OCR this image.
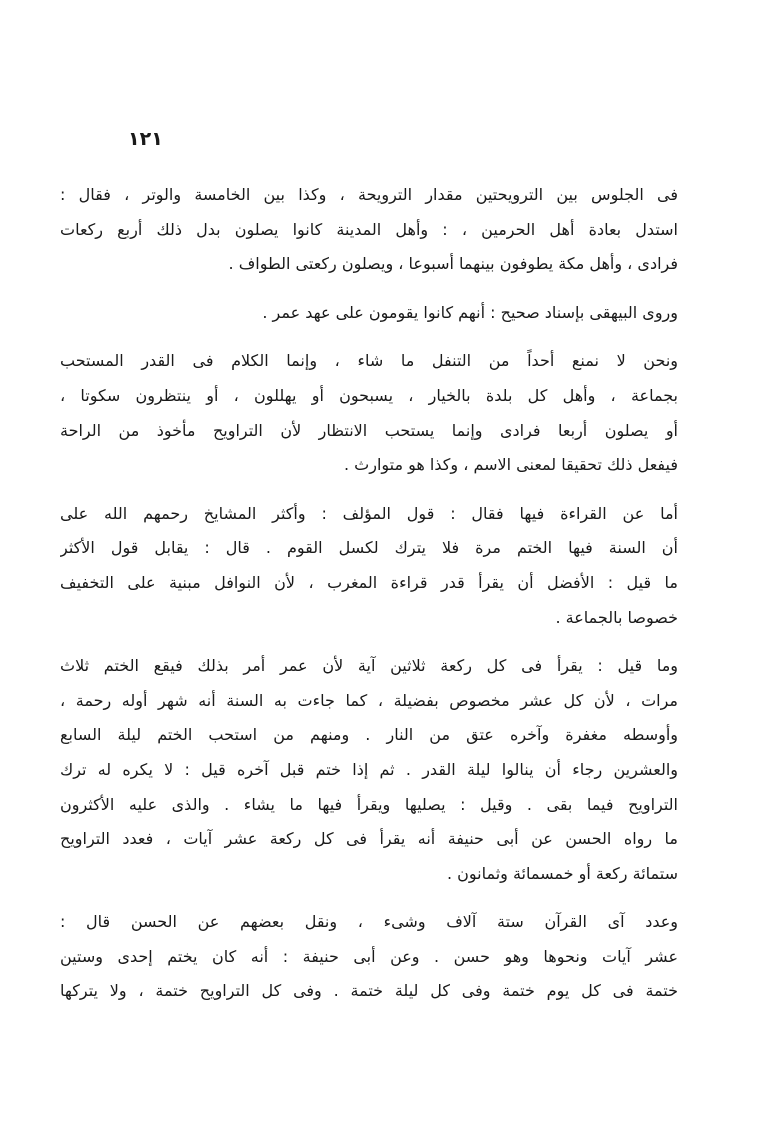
١٢١

فى الجلوس بين الترويحتين مقدار الترويحة ، وكذا بين الخامسة والوتر ، فقال :
استدل بعادة أهل الحرمين ، : وأهل المدينة كانوا يصلون بدل ذلك أربع ركعات
فرادى ، وأهل مكة يطوفون بينهما أسبوعا ، ويصلون ركعتى الطواف .

وروى البيهقى بإسناد صحيح : أنهم كانوا يقومون على عهد عمر .

ونحن لا نمنع أحداً من التنفل ما شاء ، وإنما الكلام فى القدر المستحب
بجماعة ، وأهل كل بلدة بالخيار ، يسبحون أو يهللون ، أو ينتظرون سكوتا ،
أو يصلون أربعا فرادى وإنما يستحب الانتظار لأن التراويح مأخوذ من الراحة
فيفعل ذلك تحقيقا لمعنى الاسم ، وكذا هو متوارث .

أما عن القراءة فيها فقال : قول المؤلف : وأكثر المشايخ رحمهم الله على
أن السنة فيها الختم مرة فلا يترك لكسل القوم . قال : يقابل قول الأكثر
ما قيل : الأفضل أن يقرأ قدر قراءة المغرب ، لأن النوافل مبنية على التخفيف
خصوصا بالجماعة .

وما قيل : يقرأ فى كل ركعة ثلاثين آية لأن عمر أمر بذلك فيقع الختم ثلاث
مرات ، لأن كل عشر مخصوص بفضيلة ، كما جاءت به السنة أنه شهر أوله رحمة ،
وأوسطه مغفرة وآخره عتق من النار . ومنهم من استحب الختم ليلة السابع
والعشرين رجاء أن ينالوا ليلة القدر . ثم إذا ختم قبل آخره قيل : لا يكره له ترك
التراويح فيما بقى . وقيل : يصليها ويقرأ فيها ما يشاء . والذى عليه الأكثرون
ما رواه الحسن عن أبى حنيفة أنه يقرأ فى كل ركعة عشر آيات ، فعدد التراويح
ستمائة ركعة أو خمسمائة وثمانون .

وعدد آى القرآن ستة آلاف وشىء ، ونقل بعضهم عن الحسن قال :
عشر آيات ونحوها وهو حسن . وعن أبى حنيفة : أنه كان يختم إحدى وستين
ختمة فى كل يوم ختمة وفى كل ليلة ختمة . وفى كل التراويح ختمة ، ولا يتركها
